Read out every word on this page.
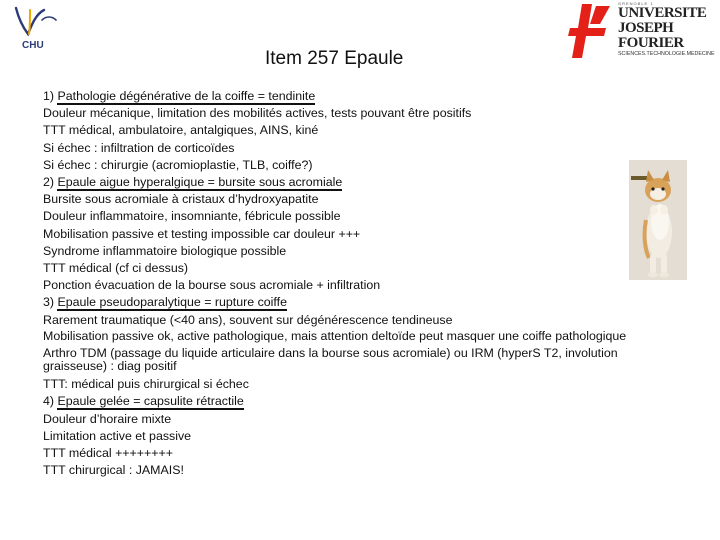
CHU
GRENOBLE 1
UNIVERSITE
JOSEPH FOURIER
SCIENCES.TECHNOLOGIE.MEDECINE
Item 257 Epaule
1) Pathologie dégénérative de la coiffe = tendinite
Douleur mécanique, limitation des mobilités actives, tests pouvant être positifs
TTT médical, ambulatoire, antalgiques, AINS, kiné
Si échec : infiltration de corticoïdes
Si échec : chirurgie (acromioplastie, TLB, coiffe?)
2) Epaule aigue hyperalgique = bursite sous acromiale
Bursite sous acromiale à cristaux d’hydroxyapatite
Douleur inflammatoire, insomniante, fébricule possible
Mobilisation passive et testing impossible car douleur +++
Syndrome inflammatoire biologique possible
TTT médical (cf ci dessus)
Ponction évacuation de la bourse sous acromiale + infiltration
3) Epaule pseudoparalytique = rupture coiffe
Rarement traumatique (<40 ans), souvent sur dégénérescence tendineuse
Mobilisation passive ok, active pathologique, mais attention deltoïde peut masquer une coiffe pathologique
Arthro TDM (passage du liquide articulaire dans la bourse sous acromiale) ou IRM (hyperS T2, involution graisseuse) : diag positif
TTT: médical puis chirurgical si échec
4) Epaule gelée = capsulite rétractile
Douleur d’horaire mixte
Limitation active et passive
TTT médical ++++++++
TTT chirurgical : JAMAIS!
